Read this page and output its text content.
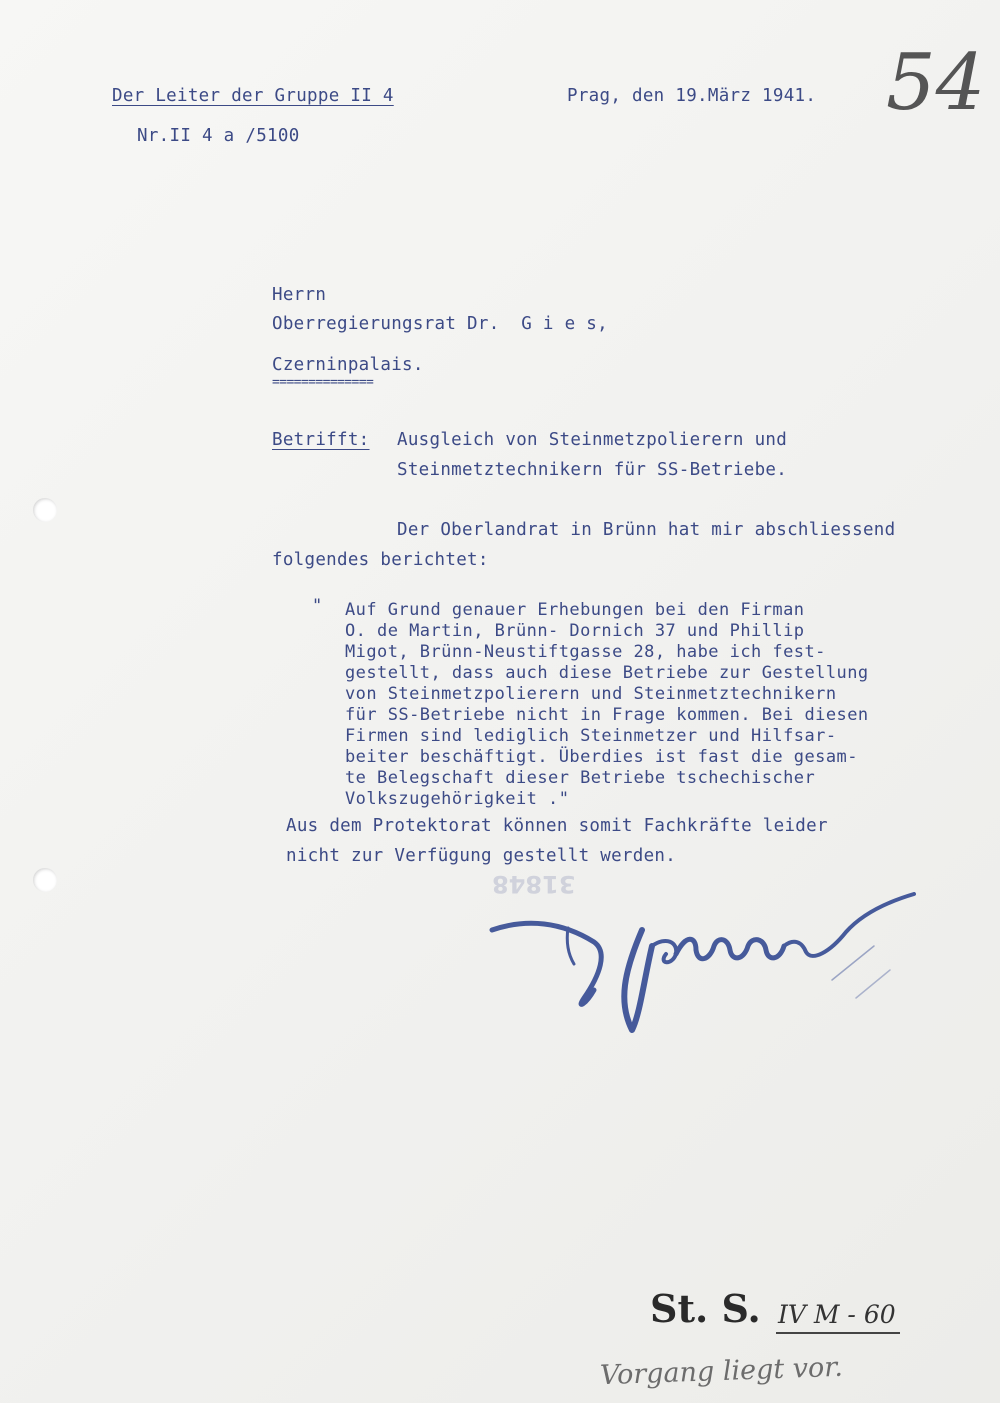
54
Der Leiter der Gruppe II 4	Prag, den 19.März 1941.
Nr.II 4 a /5100
Herrn
Oberregierungsrat Dr.  G i e s,
Czerninpalais.
==============
Betrifft: Ausgleich von Steinmetzpolierern und
Steinmetztechnikern für SS-Betriebe.
Der Oberlandrat in Brünn hat mir abschliessend
folgendes berichtet:
" Auf Grund genauer Erhebungen bei den Firman
O. de Martin, Brünn- Dornich 37 und Phillip
Migot, Brünn-Neustiftgasse 28, habe ich fest-
gestellt, dass auch diese Betriebe zur Gestellung
von Steinmetzpolierern und Steinmetztechnikern
für SS-Betriebe nicht in Frage kommen. Bei diesen
Firmen sind lediglich Steinmetzer und Hilfsar-
beiter beschäftigt. Überdies ist fast die gesam-
te Belegschaft dieser Betriebe tschechischer
Volkszugehörigkeit ."
Aus dem Protektorat können somit Fachkräfte leider
nicht zur Verfügung gestellt werden.
31848
St. S. IV M - 60
Vorgang liegt vor.
